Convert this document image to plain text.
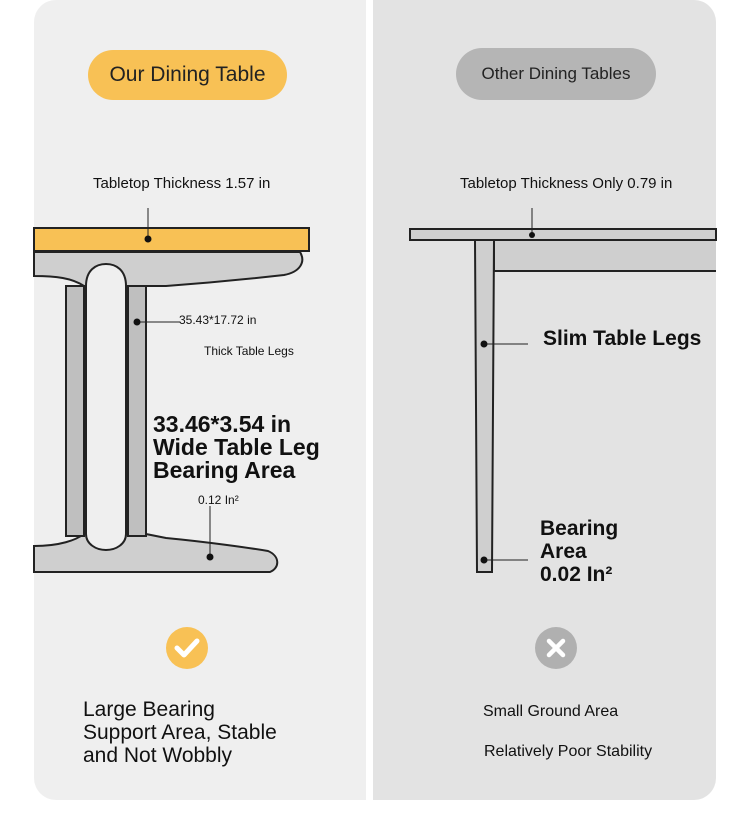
Our Dining Table
Tabletop Thickness 1.57 in
35.43*17.72 in
Thick Table Legs
33.46*3.54 in
Wide Table Leg
Bearing Area
0.12 In²
Large Bearing
Support Area, Stable
and Not Wobbly
Other Dining Tables
Tabletop Thickness Only 0.79 in
Slim Table Legs
Bearing
Area
0.02 In²
Small Ground Area
Relatively Poor Stability
